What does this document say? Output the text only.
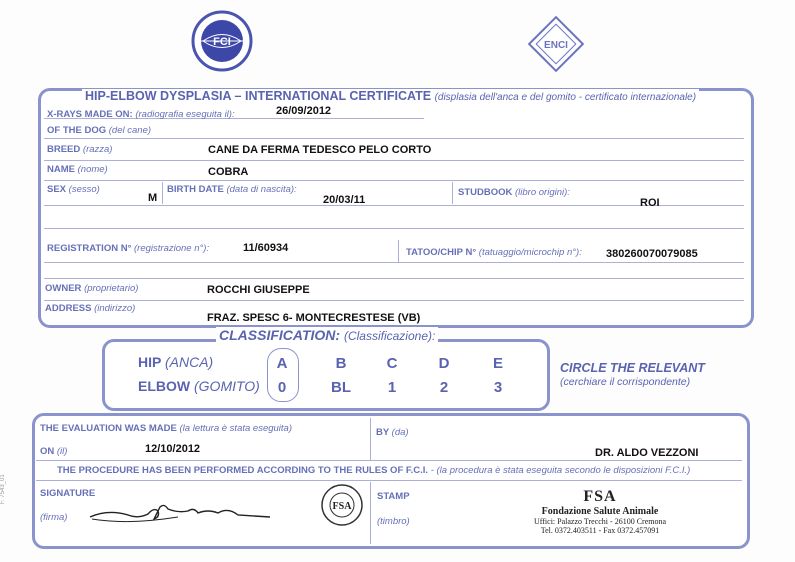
FCI	ENCI
HIP-ELBOW DYSPLASIA – INTERNATIONAL CERTIFICATE (displasia dell'anca e del gomito - certificato internazionale)
X-RAYS MADE ON: (radiografia eseguita il):	26/09/2012
OF THE DOG (del cane)
BREED (razza)	CANE DA FERMA TEDESCO PELO CORTO
NAME (nome)	COBRA
SEX (sesso)
M
BIRTH DATE (data di nascita):
20/03/11
STUDBOOK (libro origini):
ROI
REGISTRATION N° (registrazione n°):	11/60934	TATOO/CHIP N° (tatuaggio/microchip n°): 380260070079085
OWNER (proprietario)	ROCCHI GIUSEPPE
ADDRESS (indirizzo)
FRAZ. SPESC 6- MONTECRESTESE (VB)
CLASSIFICATION: (Classificazione):
HIP (ANCA)
ELBOW (GOMITO)
A	B	C	D	E
0	BL	1	2	3
CIRCLE THE RELEVANT
(cerchiare il corrispondente)
THE EVALUATION WAS MADE (la lettura è stata eseguita)
ON (il)	12/10/2012
BY (da)
DR. ALDO VEZZONI
THE PROCEDURE HAS BEEN PERFORMED ACCORDING TO THE RULES OF F.C.I. - (la procedura è stata eseguita secondo le disposizioni F.C.I.)
SIGNATURE
(firma)
FSA
STAMP
(timbro)
FSA
Fondazione Salute Animale
Uffici: Palazzo Trecchi - 26100 Cremona
Tel. 0372.403511 - Fax 0372.457091
F. 7543_01
